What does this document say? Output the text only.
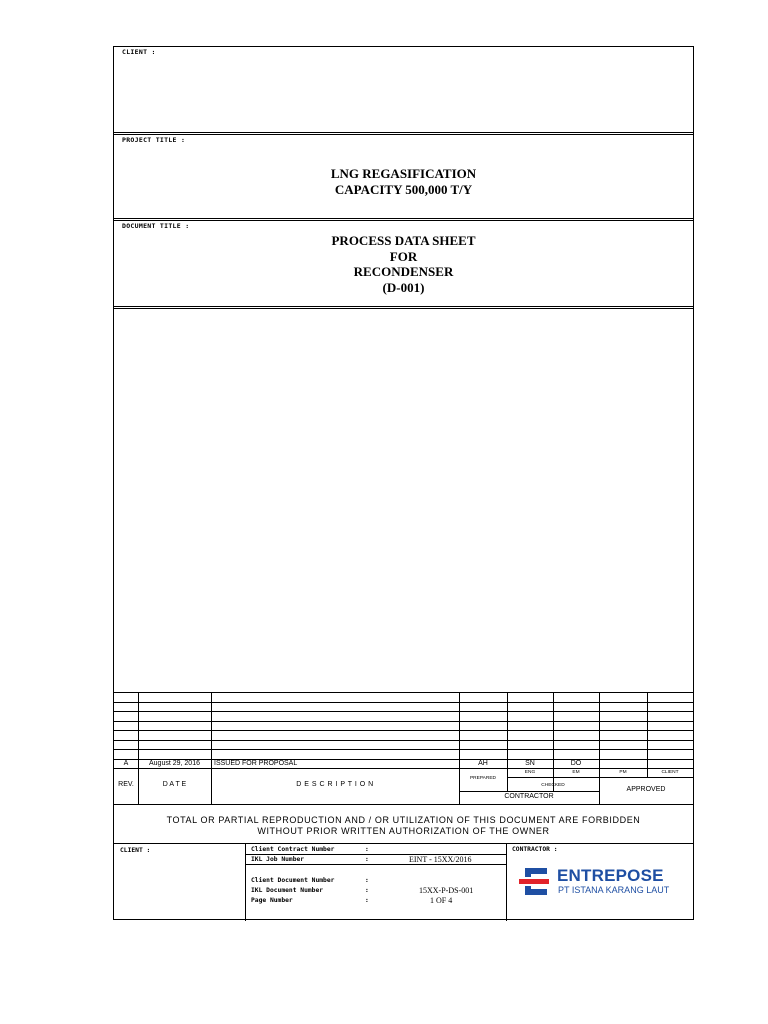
CLIENT :
PROJECT TITLE :
LNG REGASIFICATION
CAPACITY 500,000 T/Y
DOCUMENT TITLE :
PROCESS DATA SHEET
FOR
RECONDENSER
(D-001)
A	August 29, 2016	ISSUED FOR PROPOSAL	AH	SN	DO
REV.	D A T E	D E S C R I P T I O N
PREPARED
ENG	EM	PM	CLIENT
CHECKED
CONTRACTOR
APPROVED
TOTAL OR PARTIAL REPRODUCTION AND / OR UTILIZATION OF THIS DOCUMENT ARE FORBIDDEN
WITHOUT PRIOR WRITTEN AUTHORIZATION OF THE OWNER
CLIENT :	CONTRACTOR :
Client Contract Number	:
IKL Job Number	:	EINT - 15XX/2016
Client Document Number	:
IKL Document Number	:	15XX-P-DS-001
Page Number	:	1 OF 4
ENTREPOSE
PT ISTANA KARANG LAUT
